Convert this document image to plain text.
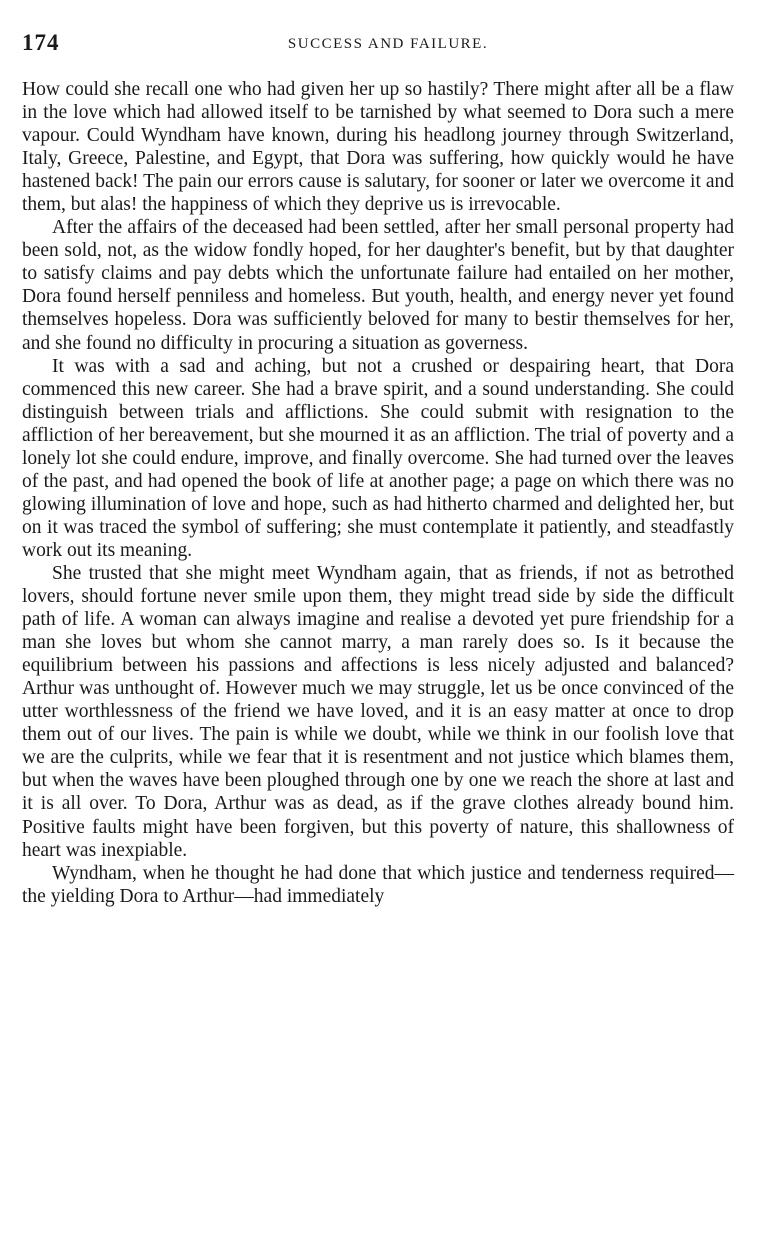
174	SUCCESS AND FAILURE.

How could she recall one who had given her up so hastily? There might after all be a flaw in the love which had allowed itself to be tarnished by what seemed to Dora such a mere vapour. Could Wyndham have known, during his headlong journey through Switzerland, Italy, Greece, Palestine, and Egypt, that Dora was suffering, how quickly would he have hastened back! The pain our errors cause is salutary, for sooner or later we overcome it and them, but alas! the happiness of which they deprive us is irrevocable.

After the affairs of the deceased had been settled, after her small personal property had been sold, not, as the widow fondly hoped, for her daughter's benefit, but by that daughter to satisfy claims and pay debts which the unfortunate failure had entailed on her mother, Dora found herself penniless and homeless. But youth, health, and energy never yet found themselves hopeless. Dora was sufficiently beloved for many to bestir themselves for her, and she found no difficulty in procuring a situation as governess.

It was with a sad and aching, but not a crushed or despairing heart, that Dora commenced this new career. She had a brave spirit, and a sound understanding. She could distinguish between trials and afflictions. She could submit with resignation to the affliction of her bereavement, but she mourned it as an affliction. The trial of poverty and a lonely lot she could endure, improve, and finally overcome. She had turned over the leaves of the past, and had opened the book of life at another page; a page on which there was no glowing illumination of love and hope, such as had hitherto charmed and delighted her, but on it was traced the symbol of suffering; she must contemplate it patiently, and steadfastly work out its meaning.

She trusted that she might meet Wyndham again, that as friends, if not as betrothed lovers, should fortune never smile upon them, they might tread side by side the difficult path of life. A woman can always imagine and realise a devoted yet pure friendship for a man she loves but whom she cannot marry, a man rarely does so. Is it because the equilibrium between his passions and affections is less nicely adjusted and balanced? Arthur was unthought of. However much we may struggle, let us be once convinced of the utter worthlessness of the friend we have loved, and it is an easy matter at once to drop them out of our lives. The pain is while we doubt, while we think in our foolish love that we are the culprits, while we fear that it is resentment and not justice which blames them, but when the waves have been ploughed through one by one we reach the shore at last and it is all over. To Dora, Arthur was as dead, as if the grave clothes already bound him. Positive faults might have been forgiven, but this poverty of nature, this shallowness of heart was inexpiable.

Wyndham, when he thought he had done that which justice and tenderness required—the yielding Dora to Arthur—had immediately
